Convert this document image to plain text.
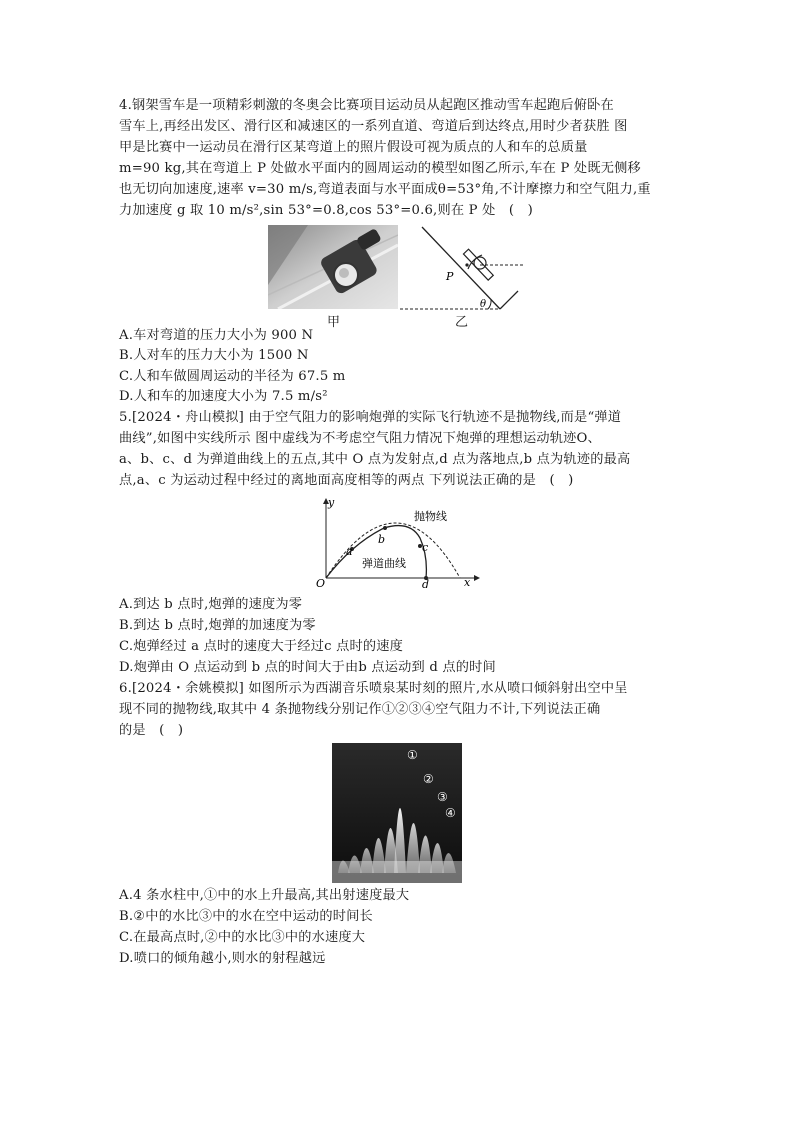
4.钢架雪车是一项精彩刺激的冬奥会比赛项目运动员从起跑区推动雪车起跑后俯卧在
雪车上,再经出发区、滑行区和减速区的一系列直道、弯道后到达终点,用时少者获胜 图
甲是比赛中一运动员在滑行区某弯道上的照片假设可视为质点的人和车的总质量
m=90 kg,其在弯道上 P 处做水平面内的圆周运动的模型如图乙所示,车在 P 处既无侧移
也无切向加速度,速率 v=30 m/s,弯道表面与水平面成θ=53°角,不计摩擦力和空气阻力,重
力加速度 g 取 10 m/s²,sin 53°=0.8,cos 53°=0.6,则在 P 处　(　)
P
θ
甲	乙
A.车对弯道的压力大小为 900 N
B.人对车的压力大小为 1500 N
C.人和车做圆周运动的半径为 67.5 m
D.人和车的加速度大小为 7.5 m/s²
5.[2024・舟山模拟] 由于空气阻力的影响炮弹的实际飞行轨迹不是抛物线,而是“弹道
曲线”,如图中实线所示 图中虚线为不考虑空气阻力情况下炮弹的理想运动轨迹O、
a、b、c、d 为弹道曲线上的五点,其中 O 点为发射点,d 点为落地点,b 点为轨迹的最高
点,a、c 为运动过程中经过的离地面高度相等的两点 下列说法正确的是　(　)
y
x
O
a
b
c
d
抛物线
弹道曲线
A.到达 b 点时,炮弹的速度为零
B.到达 b 点时,炮弹的加速度为零
C.炮弹经过 a 点时的速度大于经过c 点时的速度
D.炮弹由 O 点运动到 b 点的时间大于由b 点运动到 d 点的时间
6.[2024・余姚模拟] 如图所示为西湖音乐喷泉某时刻的照片,水从喷口倾斜射出空中呈
现不同的抛物线,取其中 4 条抛物线分别记作①②③④空气阻力不计,下列说法正确
的是　(　)
①
②
③
④
A.4 条水柱中,①中的水上升最高,其出射速度最大
B.②中的水比③中的水在空中运动的时间长
C.在最高点时,②中的水比③中的水速度大
D.喷口的倾角越小,则水的射程越远
